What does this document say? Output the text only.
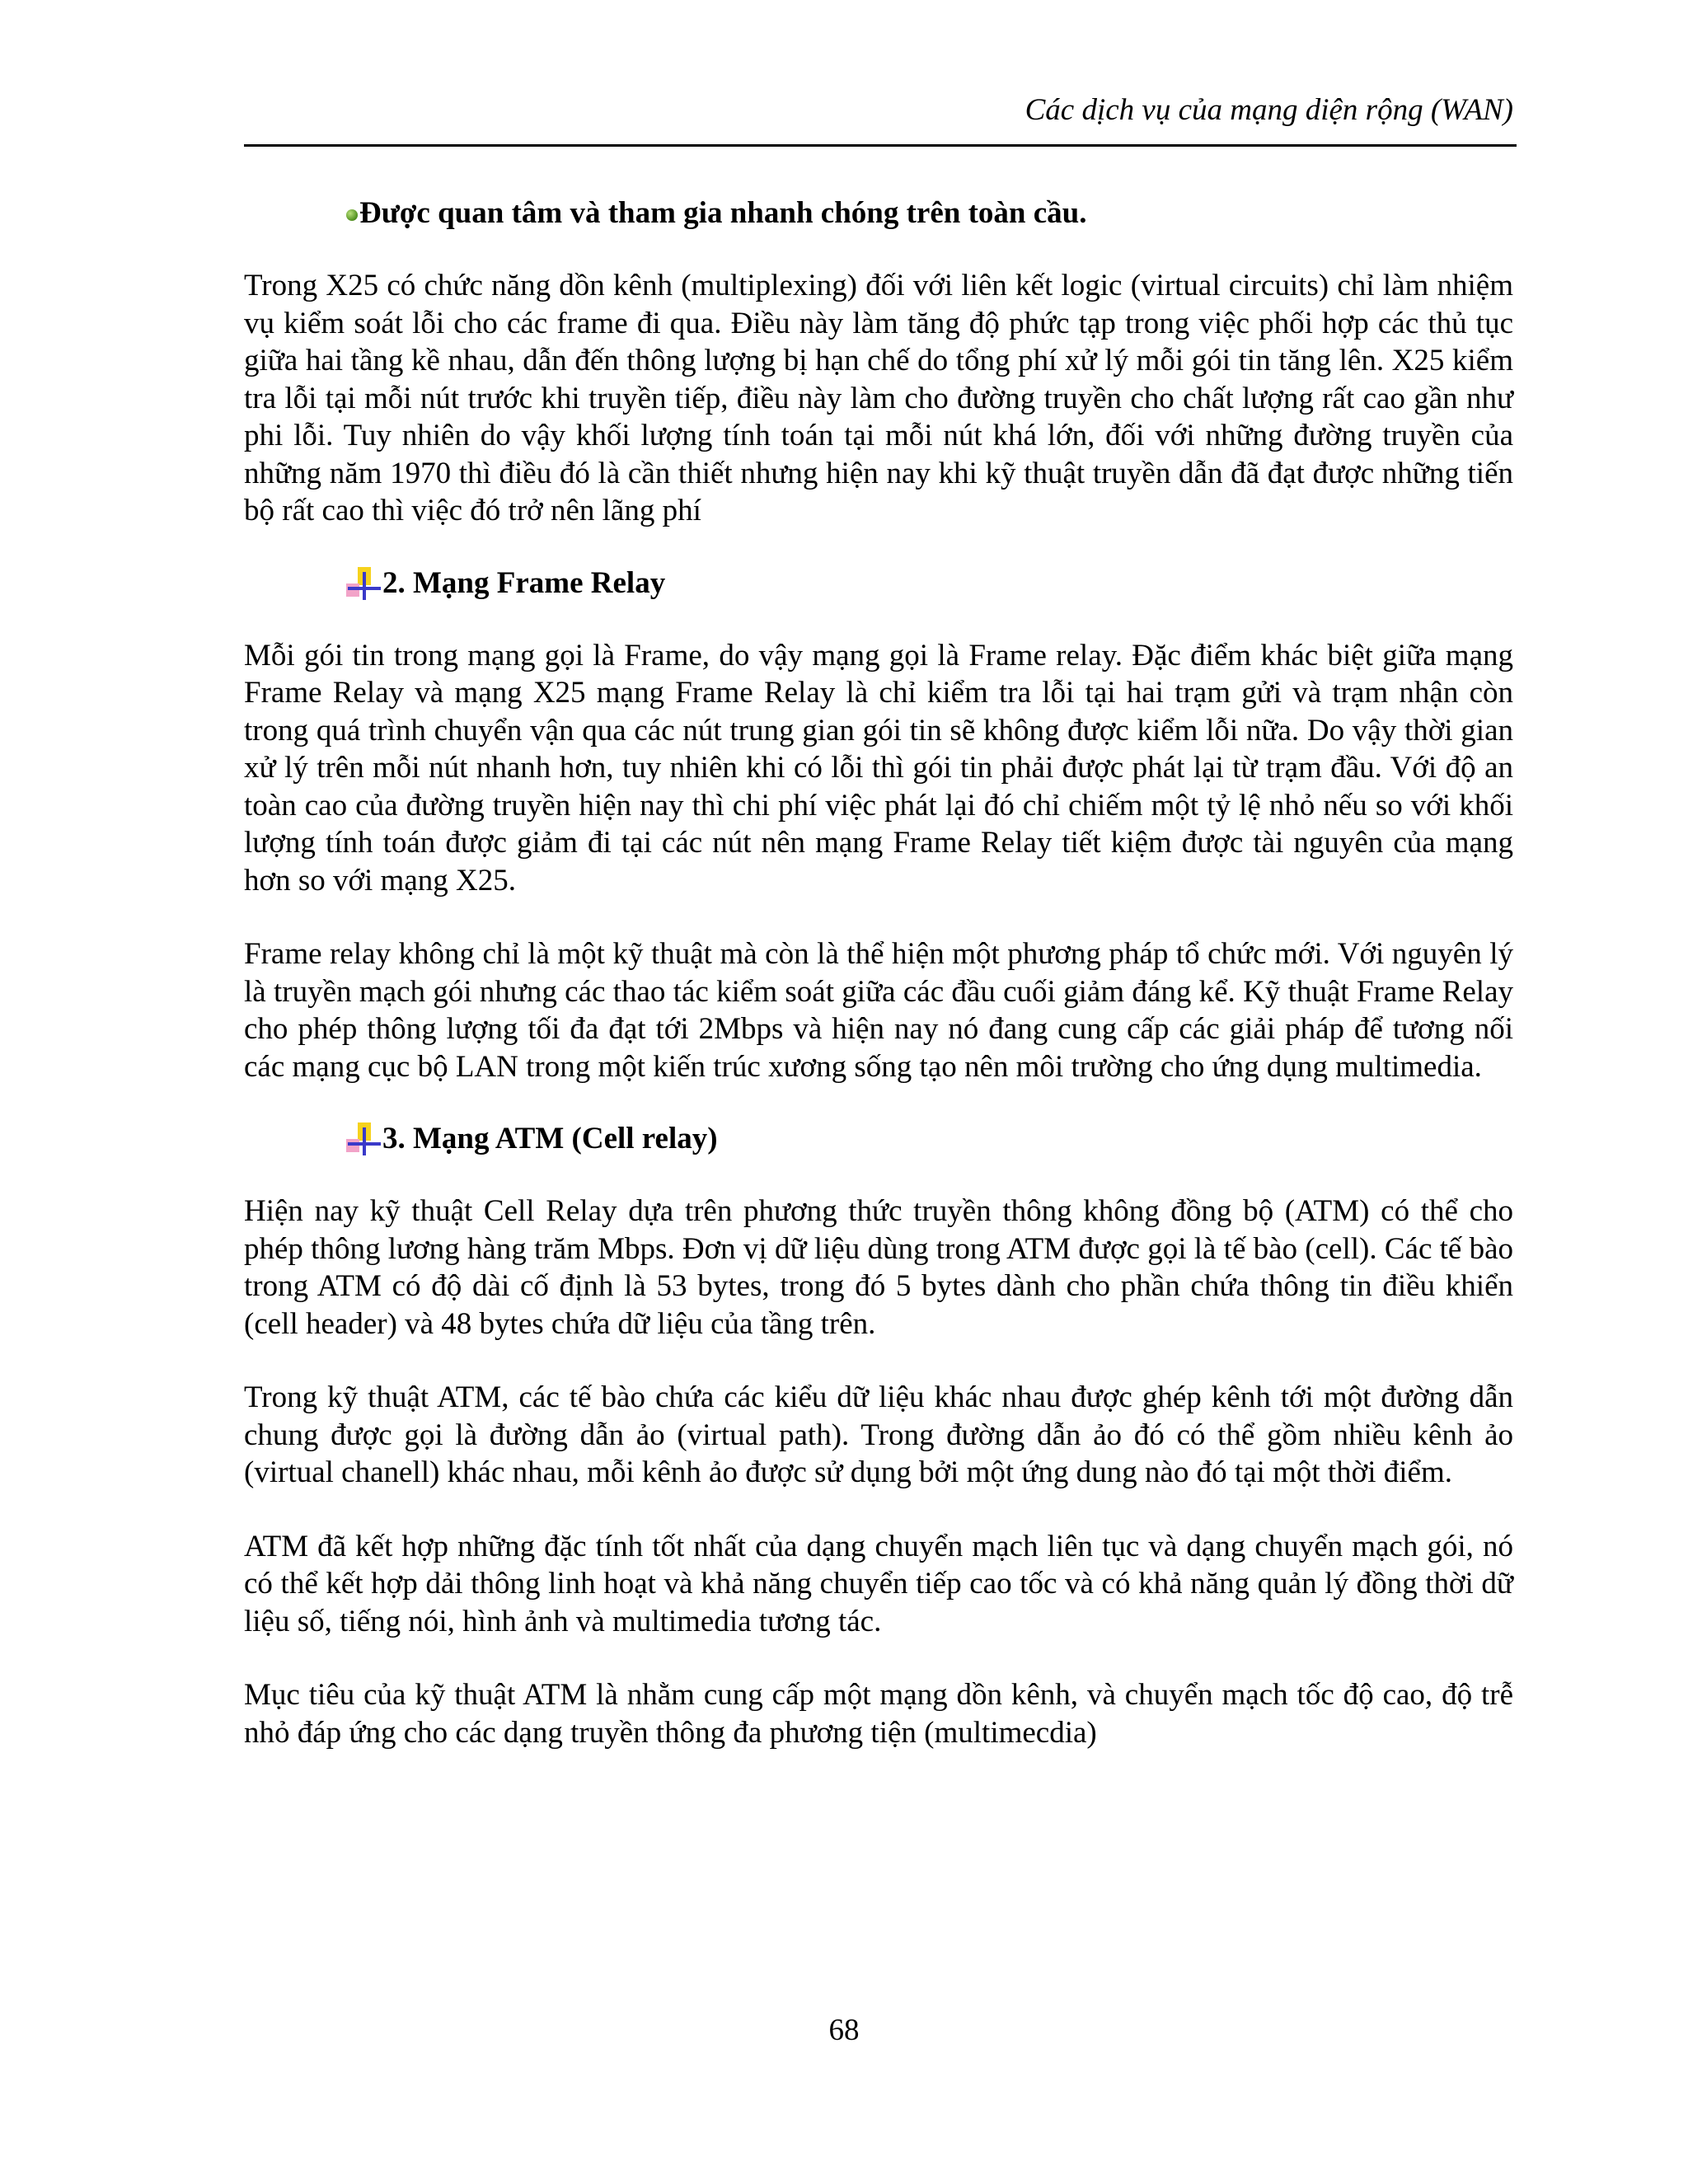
Các dịch vụ của mạng diện rộng (WAN)
Được quan tâm và tham gia nhanh chóng trên toàn cầu.

Trong X25 có chức năng dồn kênh (multiplexing) đối với liên kết logic (virtual circuits) chỉ làm nhiệm vụ kiểm soát lỗi cho các frame đi qua. Điều này làm tăng độ phức tạp trong việc phối hợp các thủ tục giữa hai tầng kề nhau, dẫn đến thông lượng bị hạn chế do tổng phí xử lý mỗi gói tin tăng lên. X25 kiểm tra lỗi tại mỗi nút trước khi truyền tiếp, điều này làm cho đường truyền cho chất lượng rất cao gần như phi lỗi. Tuy nhiên do vậy khối lượng tính toán tại mỗi nút khá lớn, đối với những đường truyền của những năm 1970 thì điều đó là cần thiết nhưng hiện nay khi kỹ thuật truyền dẫn đã đạt được những tiến bộ rất cao thì việc đó trở nên lãng phí

2. Mạng Frame Relay

Mỗi gói tin trong mạng gọi là Frame, do vậy mạng gọi là Frame relay. Đặc điểm khác biệt giữa mạng Frame Relay và mạng X25 mạng Frame Relay là chỉ kiểm tra lỗi tại hai trạm gửi và trạm nhận còn trong quá trình chuyển vận qua các nút trung gian gói tin sẽ không được kiểm lỗi nữa. Do vậy thời gian xử lý trên mỗi nút nhanh hơn, tuy nhiên khi có lỗi thì gói tin phải được phát lại từ trạm đầu. Với độ an toàn cao của đường truyền hiện nay thì chi phí việc phát lại đó chỉ chiếm một tỷ lệ nhỏ nếu so với khối lượng tính toán được giảm đi tại các nút nên mạng Frame Relay tiết kiệm được tài nguyên của mạng hơn so với mạng X25.

Frame relay không chỉ là một kỹ thuật mà còn là thể hiện một phương pháp tổ chức mới. Với nguyên lý là truyền mạch gói nhưng các thao tác kiểm soát giữa các đầu cuối giảm đáng kể. Kỹ thuật Frame Relay cho phép thông lượng tối đa đạt tới 2Mbps và hiện nay nó đang cung cấp các giải pháp để tương nối các mạng cục bộ LAN trong một kiến trúc xương sống tạo nên môi trường cho ứng dụng multimedia.

3. Mạng ATM (Cell relay)

Hiện nay kỹ thuật Cell Relay dựa trên phương thức truyền thông không đồng bộ (ATM) có thể cho phép thông lương hàng trăm Mbps. Đơn vị dữ liệu dùng trong ATM được gọi là tế bào (cell). Các tế bào trong ATM có độ dài cố định là 53 bytes, trong đó 5 bytes dành cho phần chứa thông tin điều khiển (cell header) và 48 bytes chứa dữ liệu của tầng trên.

Trong kỹ thuật ATM, các tế bào chứa các kiểu dữ liệu khác nhau được ghép kênh tới một đường dẫn chung được gọi là đường dẫn ảo (virtual path). Trong đường dẫn ảo đó có thể gồm nhiều kênh ảo (virtual chanell) khác nhau, mỗi kênh ảo được sử dụng bởi một ứng dung nào đó tại một thời điểm.

ATM đã kết hợp những đặc tính tốt nhất của dạng chuyển mạch liên tục và dạng chuyển mạch gói, nó có thể kết hợp dải thông linh hoạt và khả năng chuyển tiếp cao tốc và có khả năng quản lý đồng thời dữ liệu số, tiếng nói, hình ảnh và multimedia tương tác.

Mục tiêu của kỹ thuật ATM là nhằm cung cấp một mạng dồn kênh, và chuyển mạch tốc độ cao, độ trễ nhỏ đáp ứng cho các dạng truyền thông đa phương tiện (multimecdia)

68
